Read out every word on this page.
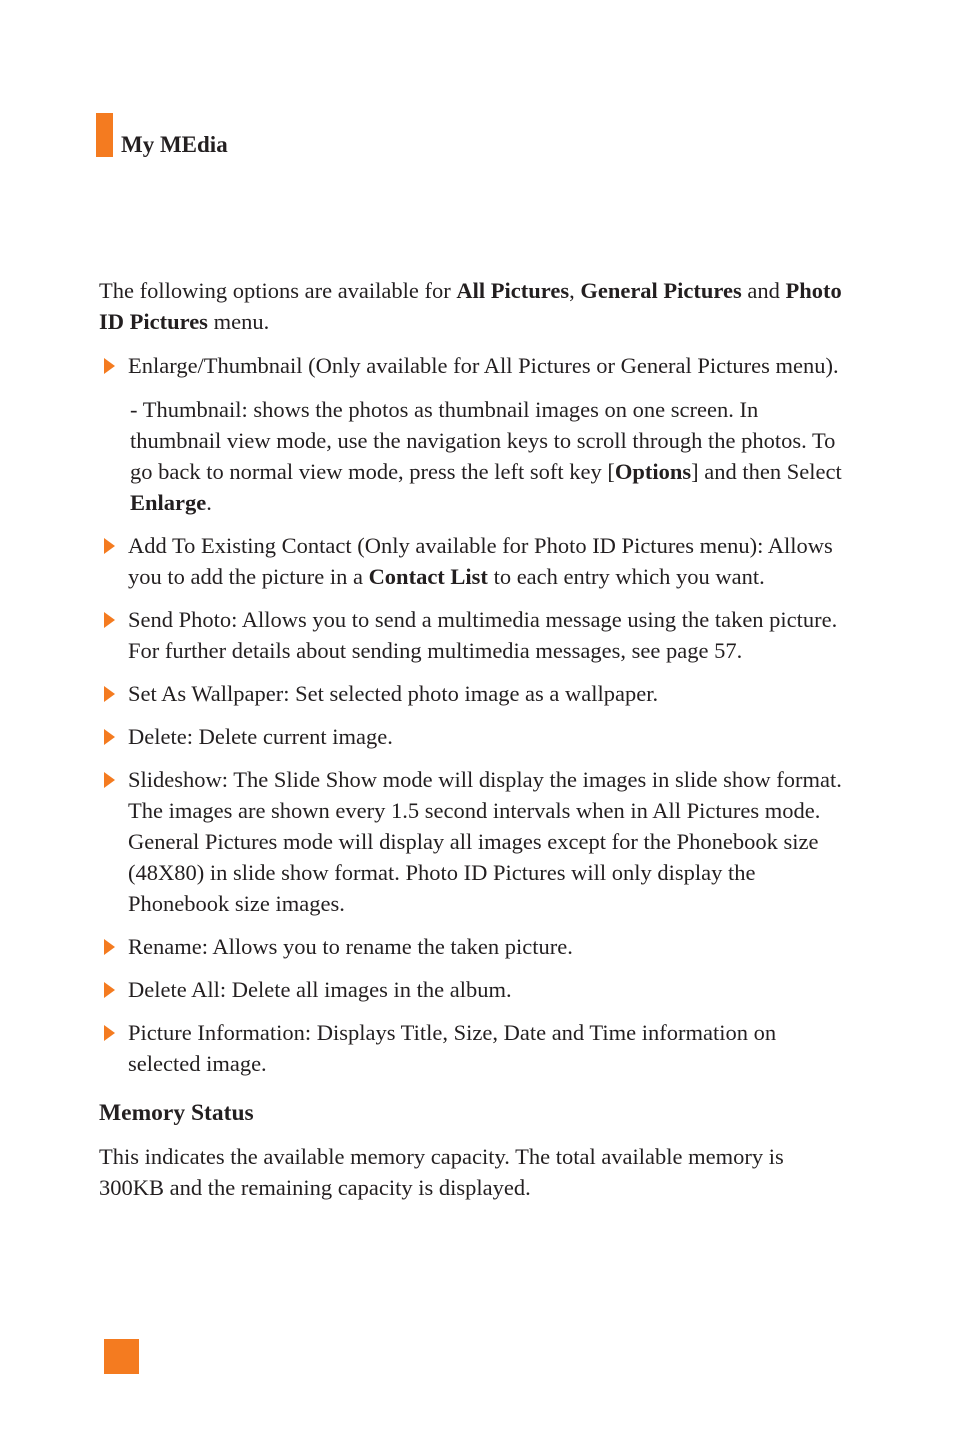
My MEdia

The following options are available for All Pictures, General Pictures and Photo ID Pictures menu.

Enlarge/Thumbnail (Only available for All Pictures or General Pictures menu).
- Thumbnail: shows the photos as thumbnail images on one screen. In thumbnail view mode, use the navigation keys to scroll through the photos. To go back to normal view mode, press the left soft key [Options] and then Select Enlarge.
Add To Existing Contact (Only available for Photo ID Pictures menu): Allows you to add the picture in a Contact List to each entry which you want.
Send Photo: Allows you to send a multimedia message using the taken picture. For further details about sending multimedia messages, see page 57.
Set As Wallpaper: Set selected photo image as a wallpaper.
Delete: Delete current image.
Slideshow: The Slide Show mode will display the images in slide show format. The images are shown every 1.5 second intervals when in All Pictures mode. General Pictures mode will display all images except for the Phonebook size (48X80) in slide show format. Photo ID Pictures will only display the Phonebook size images.
Rename: Allows you to rename the taken picture.
Delete All: Delete all images in the album.
Picture Information: Displays Title, Size, Date and Time information on selected image.
Memory Status

This indicates the available memory capacity. The total available memory is 300KB and the remaining capacity is displayed.
